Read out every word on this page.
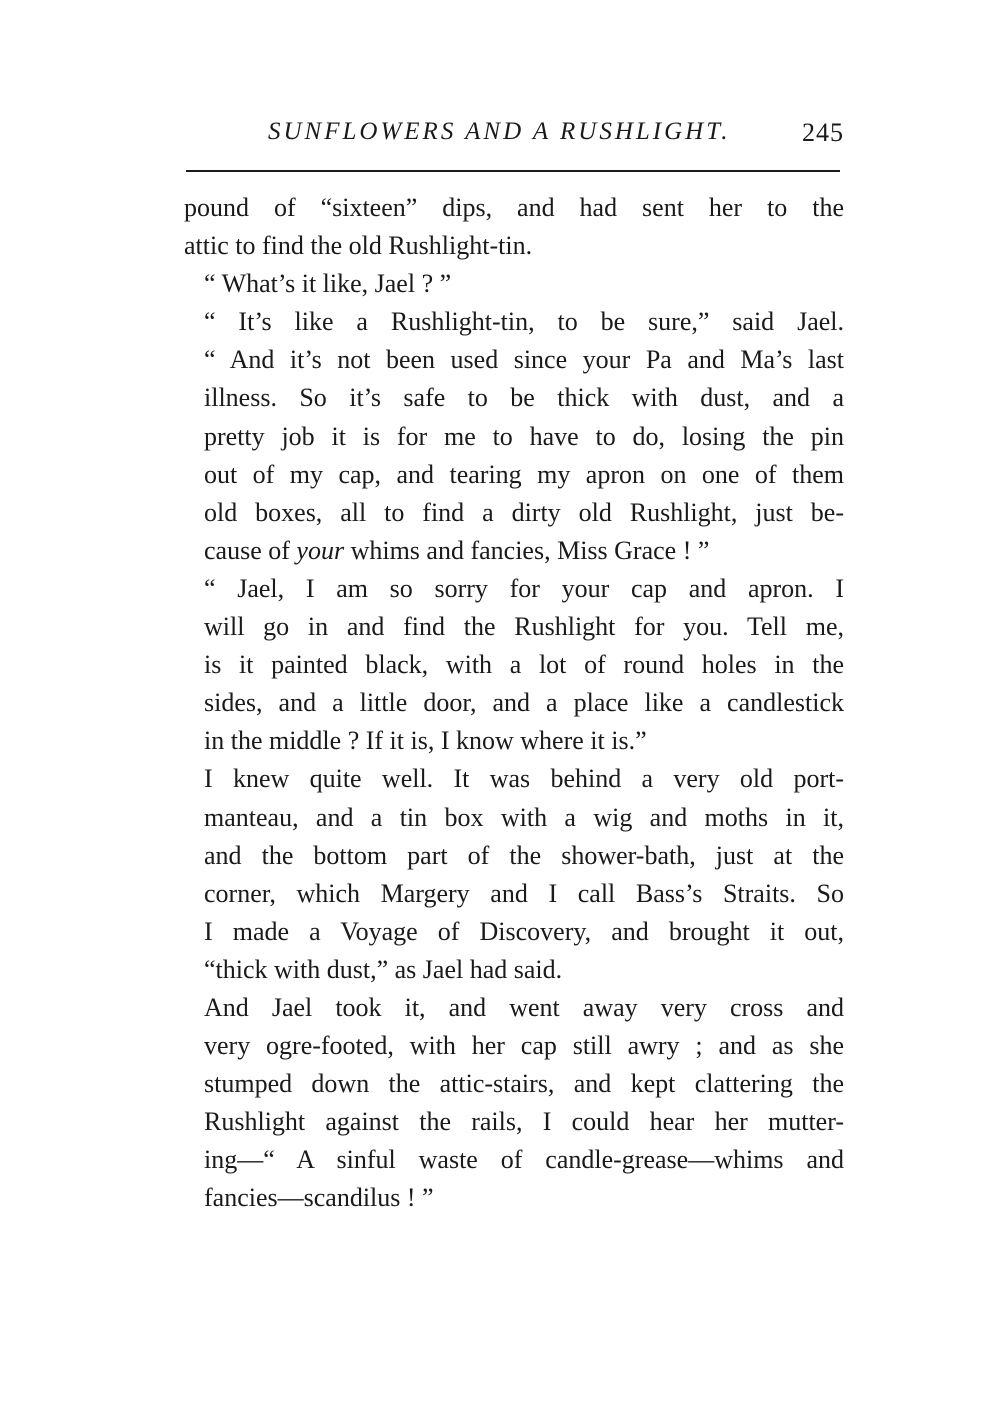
SUNFLOWERS AND A RUSHLIGHT.	245

pound of “sixteen” dips, and had sent her to the
attic to find the old Rushlight-tin.

“ What’s it like, Jael ? ”

“ It’s like a Rushlight-tin, to be sure,” said Jael.
“ And it’s not been used since your Pa and Ma’s last
illness. So it’s safe to be thick with dust, and a
pretty job it is for me to have to do, losing the pin
out of my cap, and tearing my apron on one of them
old boxes, all to find a dirty old Rushlight, just be-
cause of your whims and fancies, Miss Grace ! ”

“ Jael, I am so sorry for your cap and apron. I
will go in and find the Rushlight for you. Tell me,
is it painted black, with a lot of round holes in the
sides, and a little door, and a place like a candlestick
in the middle ? If it is, I know where it is.”

I knew quite well. It was behind a very old port-
manteau, and a tin box with a wig and moths in it,
and the bottom part of the shower-bath, just at the
corner, which Margery and I call Bass’s Straits. So
I made a Voyage of Discovery, and brought it out,
“thick with dust,” as Jael had said.

And Jael took it, and went away very cross and
very ogre-footed, with her cap still awry ; and as she
stumped down the attic-stairs, and kept clattering the
Rushlight against the rails, I could hear her mutter-
ing—“ A sinful waste of candle-grease—whims and
fancies—scandilus ! ”
